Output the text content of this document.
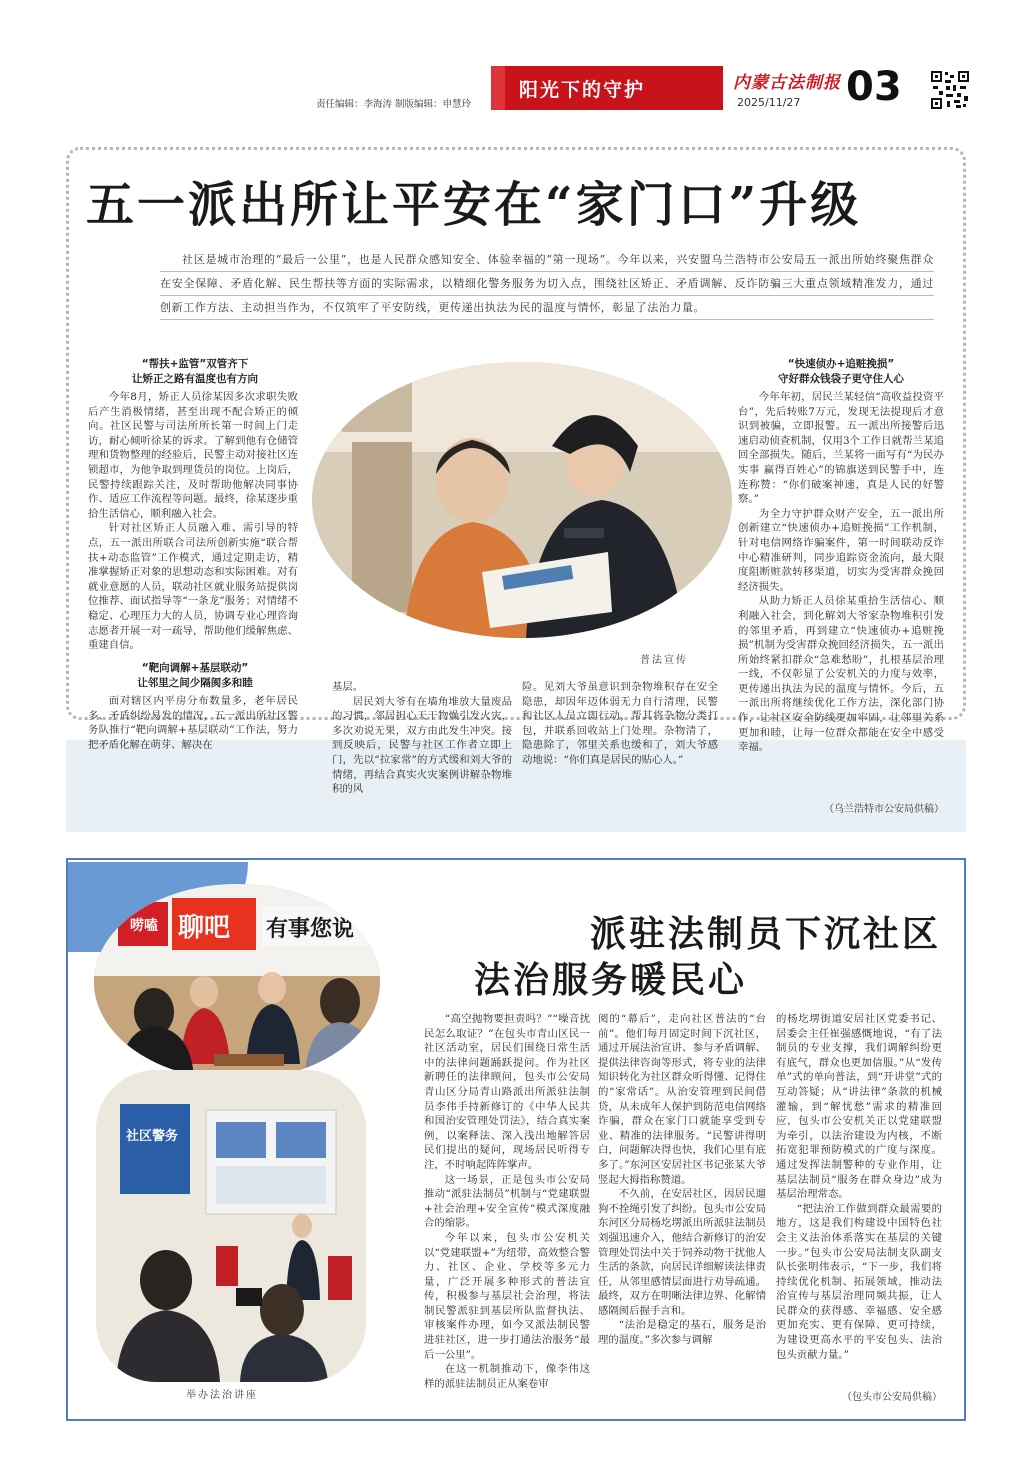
责任编辑：李海涛 制版编辑：申慧玲
阳光下的守护	内蒙古法制报
2025/11/27 03
五一派出所让平安在“家门口”升级

社区是城市治理的“最后一公里”，也是人民群众感知安全、体验幸福的“第一现场”。今年以来，兴安盟乌兰浩特市公安局五一派出所始终聚焦群众在安全保障、矛盾化解、民生帮扶等方面的实际需求，以精细化警务服务为切入点，围绕社区矫正、矛盾调解、反诈防骗三大重点领域精准发力，通过创新工作方法、主动担当作为，不仅筑牢了平安防线，更传递出执法为民的温度与情怀，彰显了法治力量。

“帮扶+监管”双管齐下
让矫正之路有温度也有方向

今年8月，矫正人员徐某因多次求职失败后产生消极情绪，甚至出现不配合矫正的倾向。社区民警与司法所所长第一时间上门走访，耐心倾听徐某的诉求。了解到他有仓储管理和货物整理的经验后，民警主动对接社区连锁超市，为他争取到理货员的岗位。上岗后，民警持续跟踪关注，及时帮助他解决同事协作、适应工作流程等问题。最终，徐某逐步重拾生活信心，顺利融入社会。

针对社区矫正人员融入难、需引导的特点，五一派出所联合司法所创新实施“联合帮扶+动态监管”工作模式，通过定期走访，精准掌握矫正对象的思想动态和实际困难。对有就业意愿的人员，联动社区就业服务站提供岗位推荐、面试指导等“一条龙”服务；对情绪不稳定、心理压力大的人员，协调专业心理咨询志愿者开展一对一疏导，帮助他们缓解焦虑、重建自信。

“靶向调解+基层联动”
让邻里之间少隔阂多和睦

面对辖区内平房分布数量多，老年居民多、矛盾纠纷易发的情况，五一派出所社区警务队推行“靶向调解+基层联动”工作法，努力把矛盾化解在萌芽、解决在

普法宣传

基层。

居民刘大爷有在墙角堆放大量废品的习惯，邻居担心天干物燥引发火灾，多次劝说无果，双方由此发生冲突。接到反映后，民警与社区工作者立即上门，先以“拉家常”的方式缓和刘大爷的情绪，再结合真实火灾案例讲解杂物堆积的风

险。见刘大爷虽意识到杂物堆积存在安全隐患，却因年迈体弱无力自行清理，民警和社区人员立即行动，帮其将杂物分类打包，并联系回收站上门处理。杂物清了，隐患除了，邻里关系也缓和了，刘大爷感动地说：“你们真是居民的贴心人。”

“快速侦办+追赃挽损”
守好群众钱袋子更守住人心

今年年初，居民兰某轻信“高收益投资平台”，先后转账7万元，发现无法提现后才意识到被骗，立即报警。五一派出所接警后迅速启动侦查机制，仅用3个工作日就帮兰某追回全部损失。随后，兰某将一面写有“为民办实事 赢得百姓心”的锦旗送到民警手中，连连称赞：“你们破案神速，真是人民的好警察。”

为全力守护群众财产安全，五一派出所创新建立“快速侦办+追赃挽损”工作机制，针对电信网络诈骗案件，第一时间联动反诈中心精准研判，同步追踪资金流向，最大限度阻断赃款转移渠道，切实为受害群众挽回经济损失。

从助力矫正人员徐某重拾生活信心、顺利融入社会，到化解刘大爷家杂物堆积引发的邻里矛盾，再到建立“快速侦办+追赃挽损”机制为受害群众挽回经济损失，五一派出所始终紧扣群众“急难愁盼”，扎根基层治理一线，不仅彰显了公安机关的力度与效率，更传递出执法为民的温度与情怀。今后，五一派出所将继续优化工作方法，深化部门协作，让社区安全防线更加牢固，让邻里关系更加和睦，让每一位群众都能在安全中感受幸福。

（乌兰浩特市公安局供稿）
派驻法制员下沉社区
法治服务暖民心
唠嗑 聊吧 有事您说
社区警务
举办法治讲座

“高空抛物要担责吗？”“噪音扰民怎么取证？”在包头市青山区民一社区活动室，居民们围绕日常生活中的法律问题踊跃提问。作为社区新聘任的法律顾问，包头市公安局青山区分局青山路派出所派驻法制员李伟手持新修订的《中华人民共和国治安管理处罚法》，结合真实案例，以案释法、深入浅出地解答居民们提出的疑问，现场居民听得专注，不时响起阵阵掌声。

这一场景，正是包头市公安局推动“派驻法制员”机制与“党建联盟+社会治理+安全宣传”模式深度融合的缩影。

今年以来，包头市公安机关以“党建联盟+”为纽带，高效整合警力、社区、企业、学校等多元力量，广泛开展多种形式的普法宣传，积极参与基层社会治理，将法制民警派驻到基层所队监督执法、审核案件办理，如今又派法制民警进驻社区，进一步打通法治服务“最后一公里”。

在这一机制推动下，像李伟这样的派驻法制员正从案卷审

阅的“幕后”，走向社区普法的“台前”。他们每月固定时间下沉社区，通过开展法治宣讲、参与矛盾调解、提供法律咨询等形式，将专业的法律知识转化为社区群众听得懂、记得住的“家常话”。从治安管理到民间借贷，从未成年人保护到防范电信网络诈骗，群众在家门口就能享受到专业、精准的法律服务。“民警讲得明白，问题解决得也快，我们心里有底多了。”东河区安居社区书记张某大爷竖起大拇指称赞道。

不久前，在安居社区，因居民遛狗不拴绳引发了纠纷。包头市公安局东河区分局杨圪塄派出所派驻法制员刘强迅速介入，他结合新修订的治安管理处罚法中关于饲养动物干扰他人生活的条款，向居民详细解读法律责任，从邻里感情层面进行劝导疏通。最终，双方在明晰法律边界、化解情感隔阂后握手言和。

“法治是稳定的基石，服务是治理的温度。”多次参与调解

的杨圪塄街道安居社区党委书记、居委会主任崔强感慨地说，“有了法制员的专业支撑，我们调解纠纷更有底气，群众也更加信服。”从“发传单”式的单向普法，到“开讲堂”式的互动答疑；从“讲法律”条款的机械灌输，到“解忧愁”需求的精准回应，包头市公安机关正以党建联盟为牵引，以法治建设为内核，不断拓宽犯罪预防模式的广度与深度。通过发挥法制警种的专业作用，让基层法制员“服务在群众身边”成为基层治理常态。

“把法治工作做到群众最需要的地方，这是我们构建设中国特色社会主义法治体系落实在基层的关键一步。”包头市公安局法制支队副支队长张明伟表示，“下一步，我们将持续优化机制、拓展领域，推动法治宣传与基层治理同频共振，让人民群众的获得感、幸福感、安全感更加充实、更有保障、更可持续，为建设更高水平的平安包头、法治包头贡献力量。”

（包头市公安局供稿）
